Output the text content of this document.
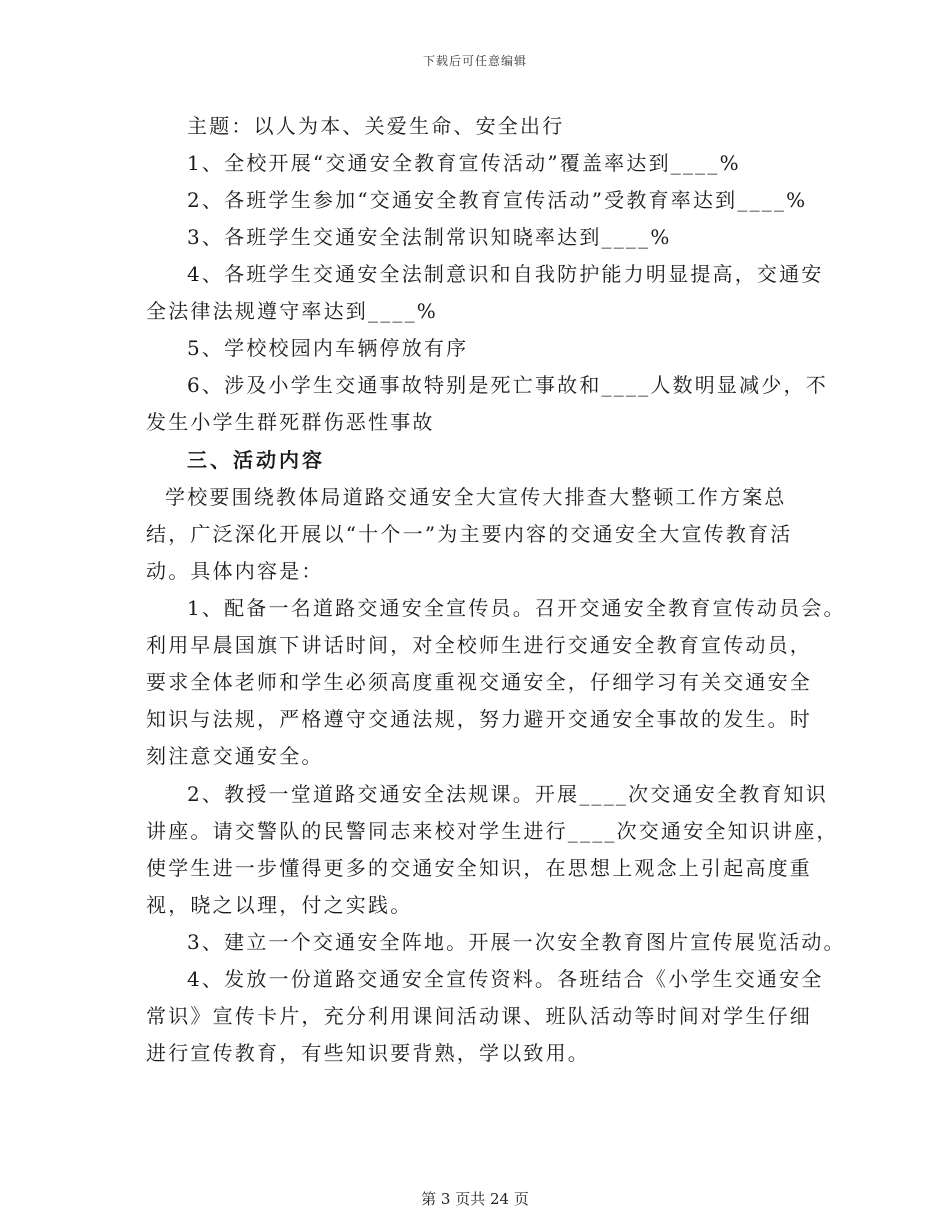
下载后可任意编辑
主题：以人为本、关爱生命、安全出行
1、全校开展“交通安全教育宣传活动”覆盖率达到____%
2、各班学生参加“交通安全教育宣传活动”受教育率达到____%
3、各班学生交通安全法制常识知晓率达到____%
4、各班学生交通安全法制意识和自我防护能力明显提高，交通安
全法律法规遵守率达到____%
5、学校校园内车辆停放有序
6、涉及小学生交通事故特别是死亡事故和____人数明显减少，不
发生小学生群死群伤恶性事故
三、活动内容
学校要围绕教体局道路交通安全大宣传大排查大整顿工作方案总
结，广泛深化开展以“十个一”为主要内容的交通安全大宣传教育活
动。具体内容是：
1、配备一名道路交通安全宣传员。召开交通安全教育宣传动员会。
利用早晨国旗下讲话时间，对全校师生进行交通安全教育宣传动员，
要求全体老师和学生必须高度重视交通安全，仔细学习有关交通安全
知识与法规，严格遵守交通法规，努力避开交通安全事故的发生。时
刻注意交通安全。
2、教授一堂道路交通安全法规课。开展____次交通安全教育知识
讲座。请交警队的民警同志来校对学生进行____次交通安全知识讲座，
使学生进一步懂得更多的交通安全知识，在思想上观念上引起高度重
视，晓之以理，付之实践。
3、建立一个交通安全阵地。开展一次安全教育图片宣传展览活动。
4、发放一份道路交通安全宣传资料。各班结合《小学生交通安全
常识》宣传卡片，充分利用课间活动课、班队活动等时间对学生仔细
进行宣传教育，有些知识要背熟，学以致用。
第 3 页共 24 页
